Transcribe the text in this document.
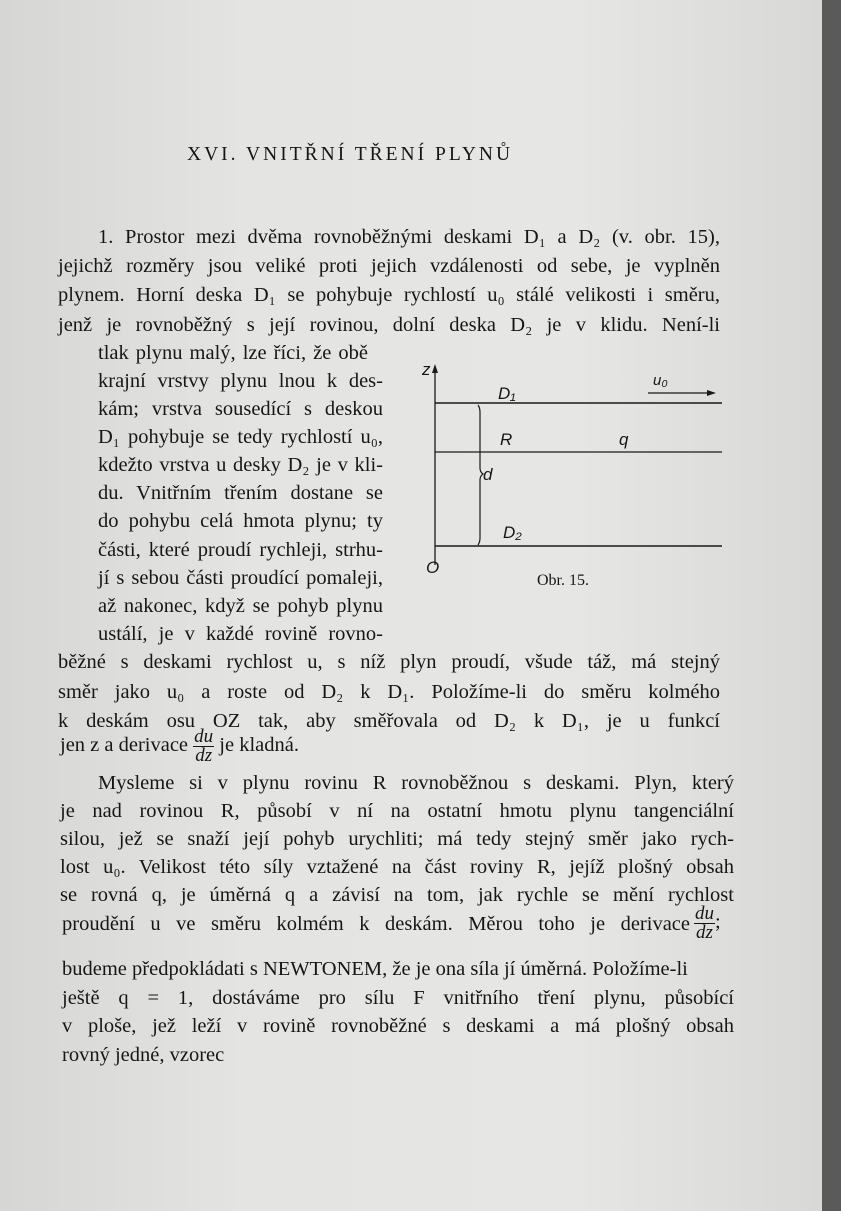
XVI. VNITŘNÍ TŘENÍ PLYNŮ
1. Prostor mezi dvěma rovnoběžnými deskami D₁ a D₂ (v. obr. 15),
jejichž rozměry jsou veliké proti jejich vzdálenosti od sebe, je vyplněn
plynem. Horní deska D₁ se pohybuje rychlostí u₀ stálé velikosti i směru,
jenž je rovnoběžný s její rovinou, dolní deska D₂ je v klidu. Není-li
tlak plynu malý, lze říci, že obě
krajní vrstvy plynu lnou k des-
kám; vrstva sousedící s deskou
D₁ pohybuje se tedy rychlostí u₀,
kdežto vrstva u desky D₂ je v kli-
du. Vnitřním třením dostane se
do pohybu celá hmota plynu; ty
části, které proudí rychleji, strhu-
jí s sebou části proudící pomaleji,
až nakonec, když se pohyb plynu
ustálí, je v každé rovině rovno-
běžné s deskami rychlost u, s níž plyn proudí, všude táž, má stejný
směr jako u₀ a roste od D₂ k D₁. Položíme-li do směru kolmého
k deskám osu OZ tak, aby směřovala od D₂ k D₁, je u funkcí
jen z a derivace $\frac{du}{dz}$ je kladná.
Mysleme si v plynu rovinu R rovnoběžnou s deskami. Plyn, který
je nad rovinou R, působí v ní na ostatní hmotu plynu tangenciální
silou, jež se snaží její pohyb urychliti; má tedy stejný směr jako rych-
lost u₀. Velikost této síly vztažené na část roviny R, jejíž plošný obsah
se rovná q, je úměrná q a závisí na tom, jak rychle se mění rychlost
proudění u ve směru kolmém k deskám. Měrou toho je derivace $\frac{du}{dz}$ ;
budeme předpokládati s NEWTONEM, že je ona síla jí úměrná. Položíme-li
ještě q = 1, dostáváme pro sílu F vnitřního tření plynu, působící
v ploše, jež leží v rovině rovnoběžné s deskami a má plošný obsah
rovný jedné, vzorec
z
O
u₀
D₁
R	q
d
D₂
Obr. 15.
